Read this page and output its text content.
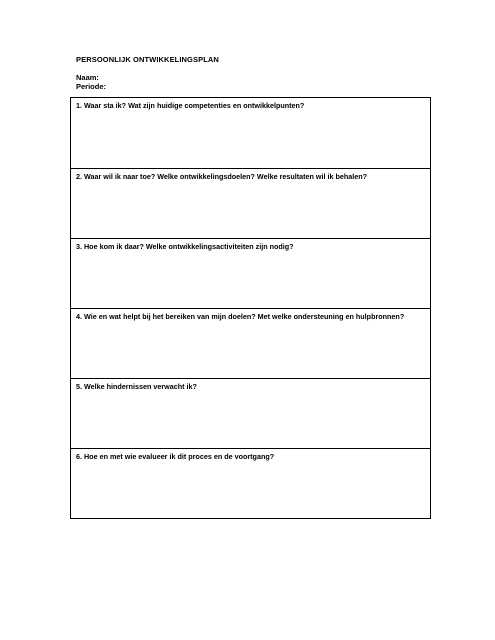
PERSOONLIJK ONTWIKKELINGSPLAN
Naam:
Periode:
1. Waar sta ik? Wat zijn huidige competenties en ontwikkelpunten?
2. Waar wil ik naar toe? Welke ontwikkelingsdoelen? Welke resultaten wil ik behalen?
3. Hoe kom ik daar? Welke ontwikkelingsactiviteiten zijn nodig?
4. Wie en wat helpt bij het bereiken van mijn doelen? Met welke ondersteuning en hulpbronnen?
5. Welke hindernissen verwacht ik?
6. Hoe en met wie evalueer ik dit proces en de voortgang?
